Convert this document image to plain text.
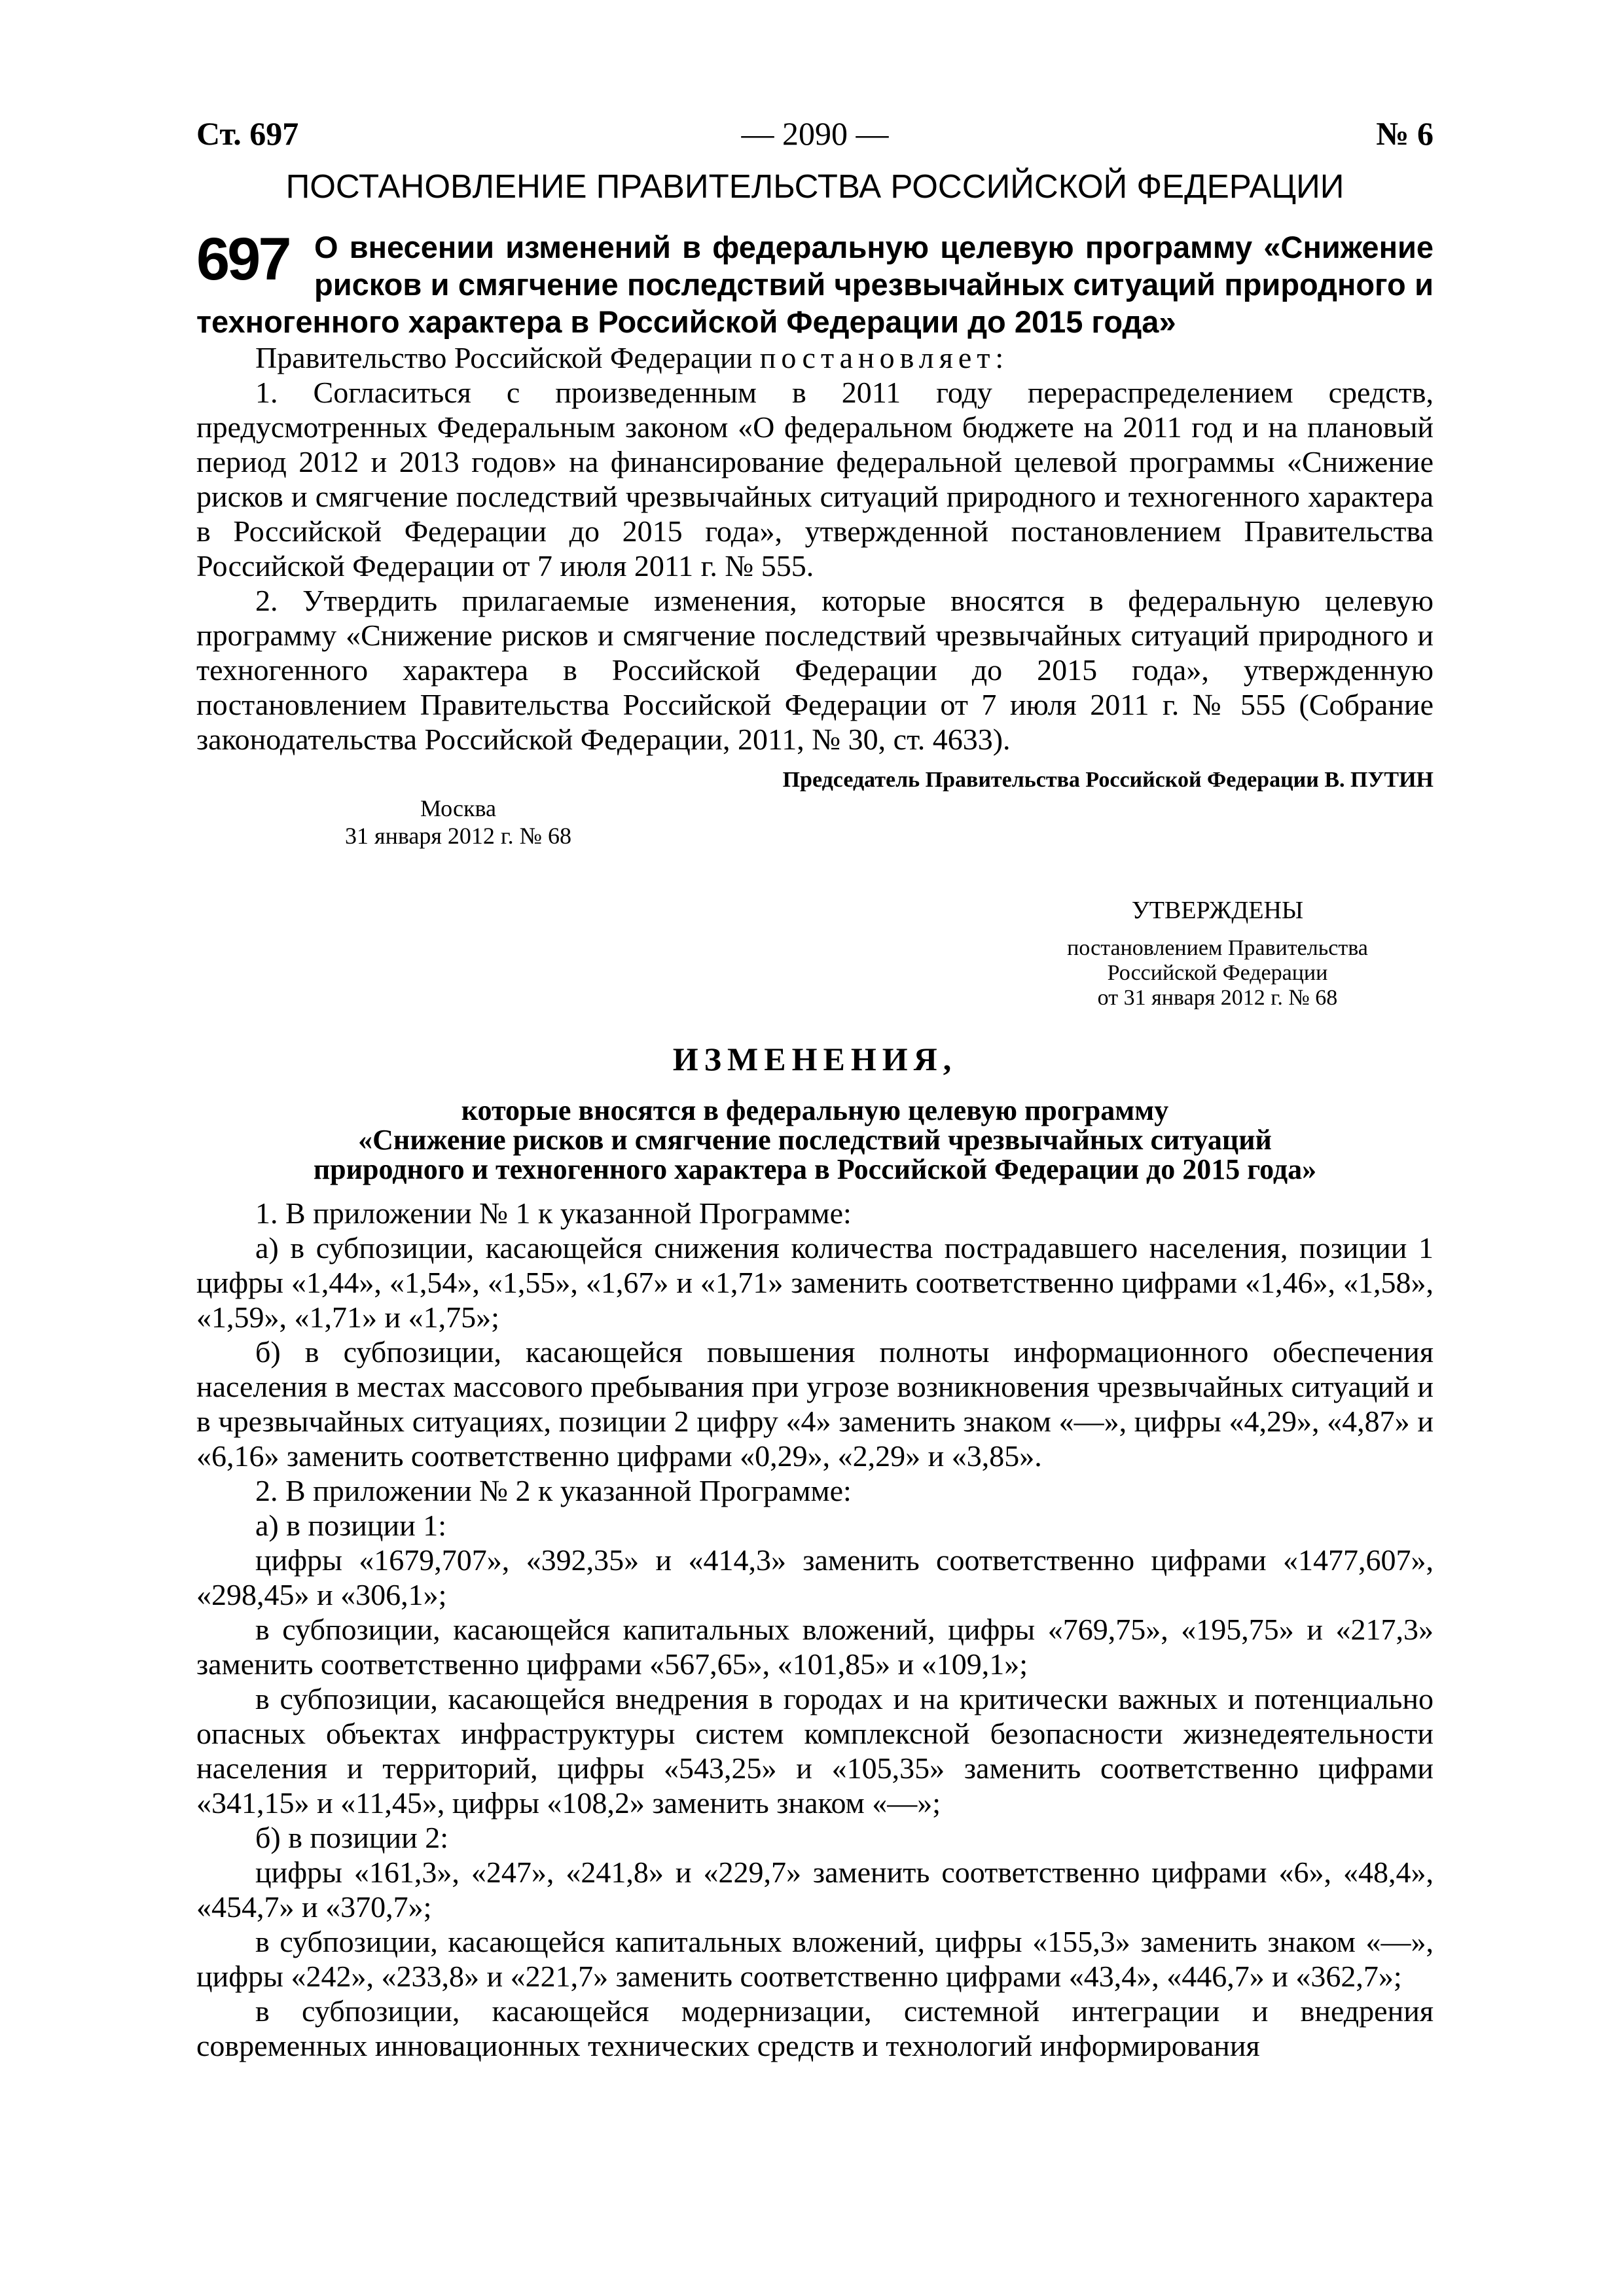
Ст. 697	— 2090 —	№ 6
ПОСТАНОВЛЕНИЕ ПРАВИТЕЛЬСТВА РОССИЙСКОЙ ФЕДЕРАЦИИ
697 О внесении изменений в федеральную целевую программу «Снижение рисков и смягчение последствий чрезвычайных ситуаций природного и техногенного характера в Российской Федерации до 2015 года»

Правительство Российской Федерации постановляет:

1. Согласиться с произведенным в 2011 году перераспределением средств, предусмотренных Федеральным законом «О федеральном бюджете на 2011 год и на плановый период 2012 и 2013 годов» на финансирование федеральной целевой программы «Снижение рисков и смягчение последствий чрезвычайных ситуаций природного и техногенного характера в Российской Федерации до 2015 года», утвержденной постановлением Правительства Российской Федерации от 7 июля 2011 г. № 555.

2. Утвердить прилагаемые изменения, которые вносятся в федеральную целевую программу «Снижение рисков и смягчение последствий чрезвычайных ситуаций природного и техногенного характера в Российской Федерации до 2015 года», утвержденную постановлением Правительства Российской Федерации от 7 июля 2011 г. № 555 (Собрание законодательства Российской Федерации, 2011, № 30, ст. 4633).

Председатель Правительства Российской Федерации В. ПУТИН
Москва
31 января 2012 г. № 68
УТВЕРЖДЕНЫ
постановлением Правительства
Российской Федерации
от 31 января 2012 г. № 68
ИЗМЕНЕНИЯ,
которые вносятся в федеральную целевую программу
«Снижение рисков и смягчение последствий чрезвычайных ситуаций
природного и техногенного характера в Российской Федерации до 2015 года»

1. В приложении № 1 к указанной Программе:

а) в субпозиции, касающейся снижения количества пострадавшего населения, позиции 1 цифры «1,44», «1,54», «1,55», «1,67» и «1,71» заменить соответственно цифрами «1,46», «1,58», «1,59», «1,71» и «1,75»;

б) в субпозиции, касающейся повышения полноты информационного обеспечения населения в местах массового пребывания при угрозе возникновения чрезвычайных ситуаций и в чрезвычайных ситуациях, позиции 2 цифру «4» заменить знаком «—», цифры «4,29», «4,87» и «6,16» заменить соответственно цифрами «0,29», «2,29» и «3,85».

2. В приложении № 2 к указанной Программе:

а) в позиции 1:

цифры «1679,707», «392,35» и «414,3» заменить соответственно цифрами «1477,607», «298,45» и «306,1»;

в субпозиции, касающейся капитальных вложений, цифры «769,75», «195,75» и «217,3» заменить соответственно цифрами «567,65», «101,85» и «109,1»;

в субпозиции, касающейся внедрения в городах и на критически важных и потенциально опасных объектах инфраструктуры систем комплексной безопасности жизнедеятельности населения и территорий, цифры «543,25» и «105,35» заменить соответственно цифрами «341,15» и «11,45», цифры «108,2» заменить знаком «—»;

б) в позиции 2:

цифры «161,3», «247», «241,8» и «229,7» заменить соответственно цифрами «6», «48,4», «454,7» и «370,7»;

в субпозиции, касающейся капитальных вложений, цифры «155,3» заменить знаком «—», цифры «242», «233,8» и «221,7» заменить соответственно цифрами «43,4», «446,7» и «362,7»;

в субпозиции, касающейся модернизации, системной интеграции и внедрения современных инновационных технических средств и технологий информирования
